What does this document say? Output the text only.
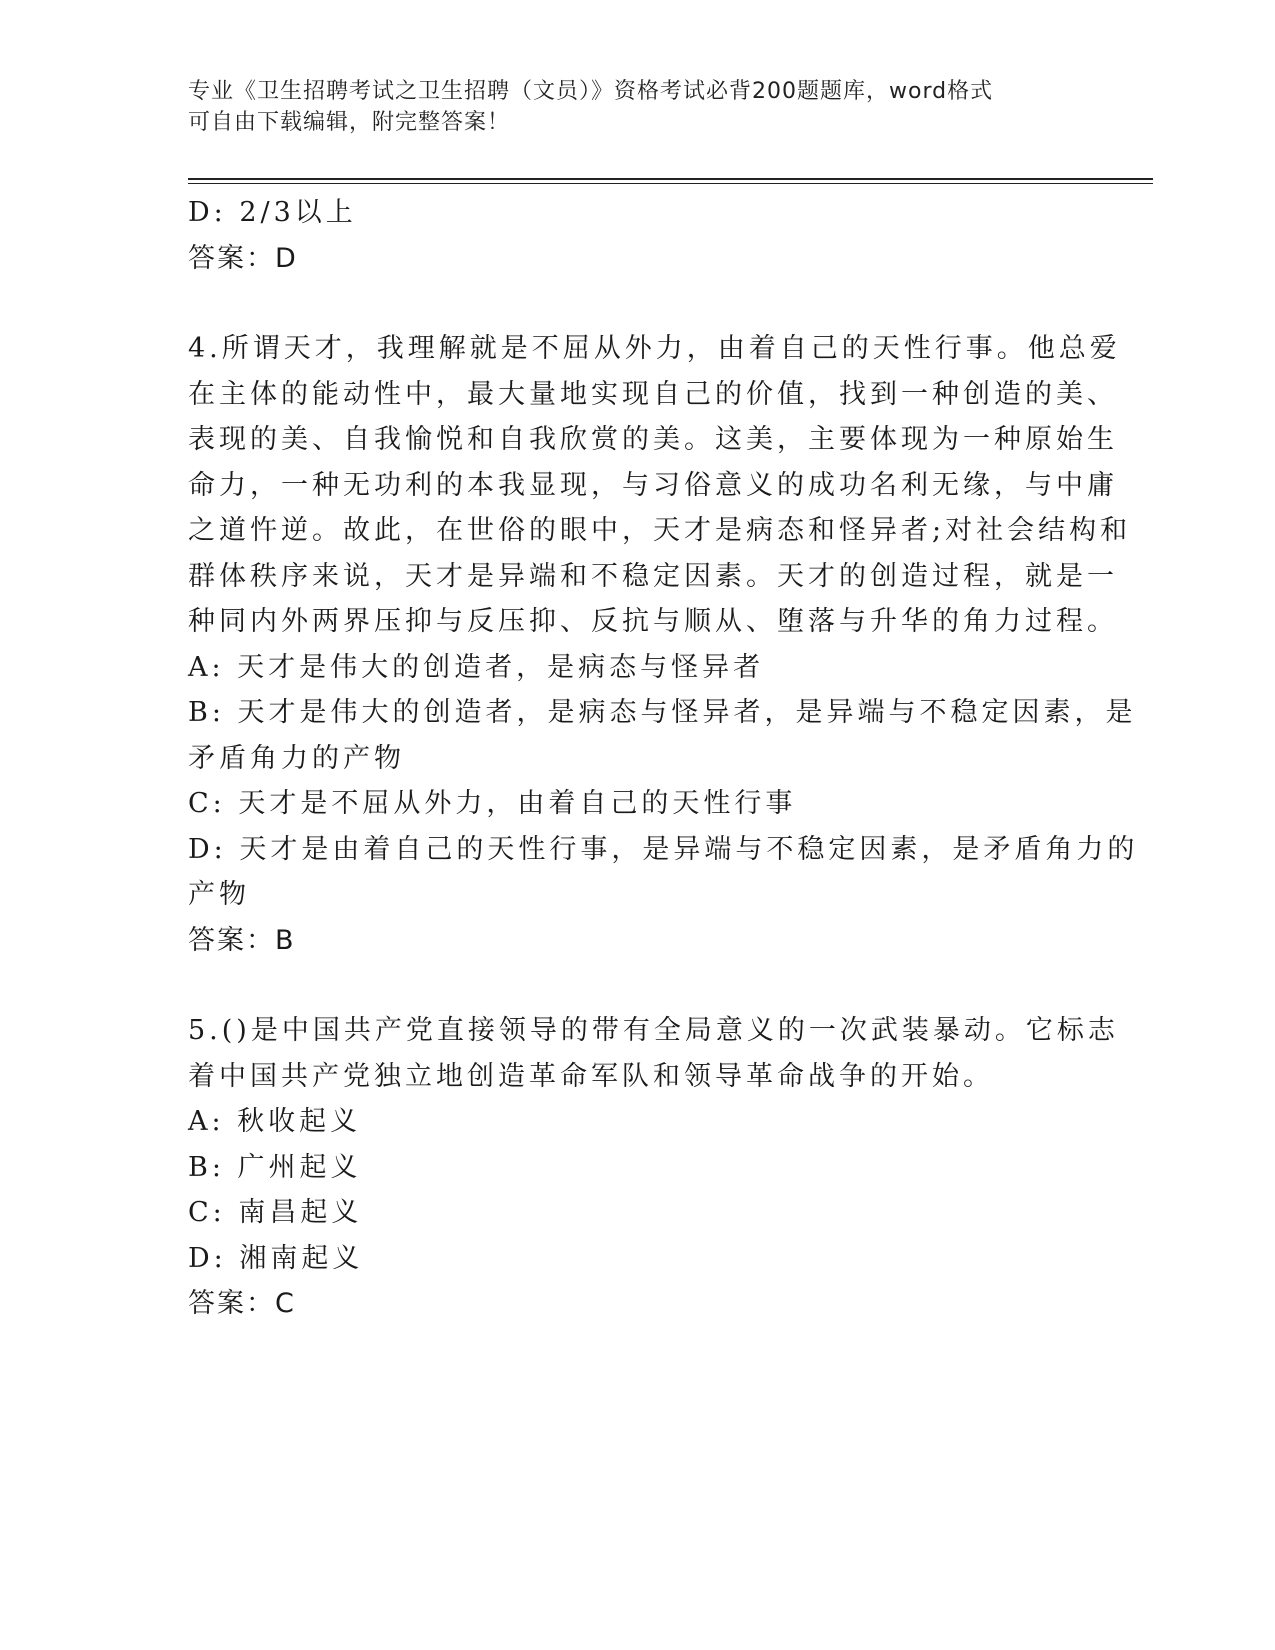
专业《卫生招聘考试之卫生招聘（文员）》资格考试必背200题题库，word格式
可自由下载编辑，附完整答案！

D: 2/3以上

答案：D

4.所谓天才，我理解就是不屈从外力，由着自己的天性行事。他总爱

在主体的能动性中，最大量地实现自己的价值，找到一种创造的美、

表现的美、自我愉悦和自我欣赏的美。这美，主要体现为一种原始生

命力，一种无功利的本我显现，与习俗意义的成功名利无缘，与中庸

之道忤逆。故此，在世俗的眼中，天才是病态和怪异者;对社会结构和

群体秩序来说，天才是异端和不稳定因素。天才的创造过程，就是一

种同内外两界压抑与反压抑、反抗与顺从、堕落与升华的角力过程。

A: 天才是伟大的创造者，是病态与怪异者

B: 天才是伟大的创造者，是病态与怪异者，是异端与不稳定因素，是

矛盾角力的产物

C: 天才是不屈从外力，由着自己的天性行事

D: 天才是由着自己的天性行事，是异端与不稳定因素，是矛盾角力的

产物

答案：B

5.()是中国共产党直接领导的带有全局意义的一次武装暴动。它标志

着中国共产党独立地创造革命军队和领导革命战争的开始。

A: 秋收起义

B: 广州起义

C: 南昌起义

D: 湘南起义

答案：C
